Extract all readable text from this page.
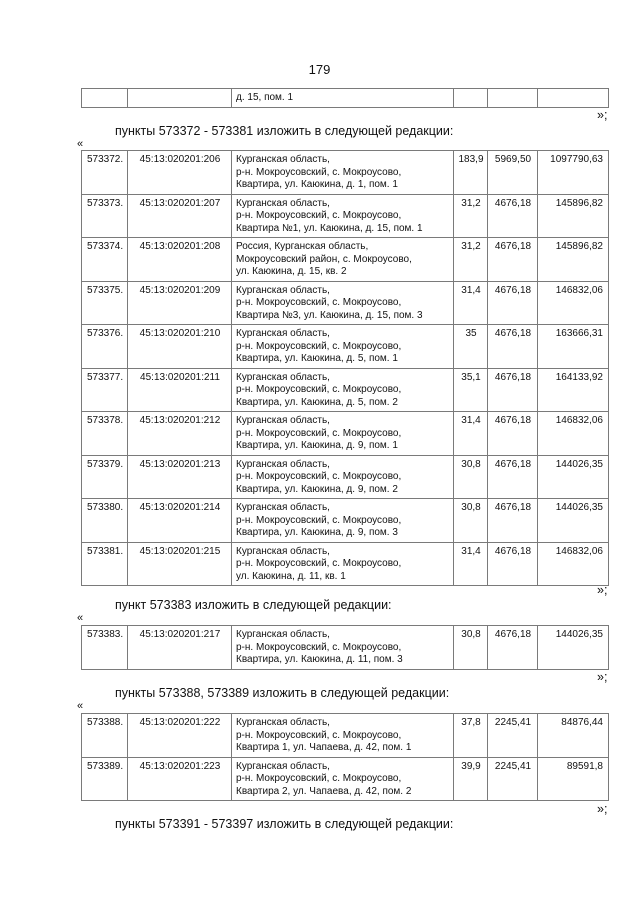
179
		д. 15, пом. 1			
»;
пункты 573372 - 573381 изложить в следующей редакции:
«
573372.	45:13:020201:206	Курганская область,
р-н. Мокроусовский, с. Мокроусово,
Квартира, ул. Каюкина, д. 1, пом. 1	183,9	5969,50	1097790,63
573373.	45:13:020201:207	Курганская область,
р-н. Мокроусовский, с. Мокроусово,
Квартира №1, ул. Каюкина, д. 15, пом. 1	31,2	4676,18	145896,82
573374.	45:13:020201:208	Россия, Курганская область,
Мокроусовский район, с. Мокроусово,
ул. Каюкина, д. 15, кв. 2	31,2	4676,18	145896,82
573375.	45:13:020201:209	Курганская область,
р-н. Мокроусовский, с. Мокроусово,
Квартира №3, ул. Каюкина, д. 15, пом. 3	31,4	4676,18	146832,06
573376.	45:13:020201:210	Курганская область,
р-н. Мокроусовский, с. Мокроусово,
Квартира, ул. Каюкина, д. 5, пом. 1	35	4676,18	163666,31
573377.	45:13:020201:211	Курганская область,
р-н. Мокроусовский, с. Мокроусово,
Квартира, ул. Каюкина, д. 5, пом. 2	35,1	4676,18	164133,92
573378.	45:13:020201:212	Курганская область,
р-н. Мокроусовский, с. Мокроусово,
Квартира, ул. Каюкина, д. 9, пом. 1	31,4	4676,18	146832,06
573379.	45:13:020201:213	Курганская область,
р-н. Мокроусовский, с. Мокроусово,
Квартира, ул. Каюкина, д. 9, пом. 2	30,8	4676,18	144026,35
573380.	45:13:020201:214	Курганская область,
р-н. Мокроусовский, с. Мокроусово,
Квартира, ул. Каюкина, д. 9, пом. 3	30,8	4676,18	144026,35
573381.	45:13:020201:215	Курганская область,
р-н. Мокроусовский, с. Мокроусово,
ул. Каюкина, д. 11, кв. 1	31,4	4676,18	146832,06
»;
пункт 573383 изложить в следующей редакции:
«
573383.	45:13:020201:217	Курганская область,
р-н. Мокроусовский, с. Мокроусово,
Квартира, ул. Каюкина, д. 11, пом. 3	30,8	4676,18	144026,35
»;
пункты 573388, 573389 изложить в следующей редакции:
«
573388.	45:13:020201:222	Курганская область,
р-н. Мокроусовский, с. Мокроусово,
Квартира 1, ул. Чапаева, д. 42, пом. 1	37,8	2245,41	84876,44
573389.	45:13:020201:223	Курганская область,
р-н. Мокроусовский, с. Мокроусово,
Квартира 2, ул. Чапаева, д. 42, пом. 2	39,9	2245,41	89591,8
»;
пункты 573391 - 573397 изложить в следующей редакции:
